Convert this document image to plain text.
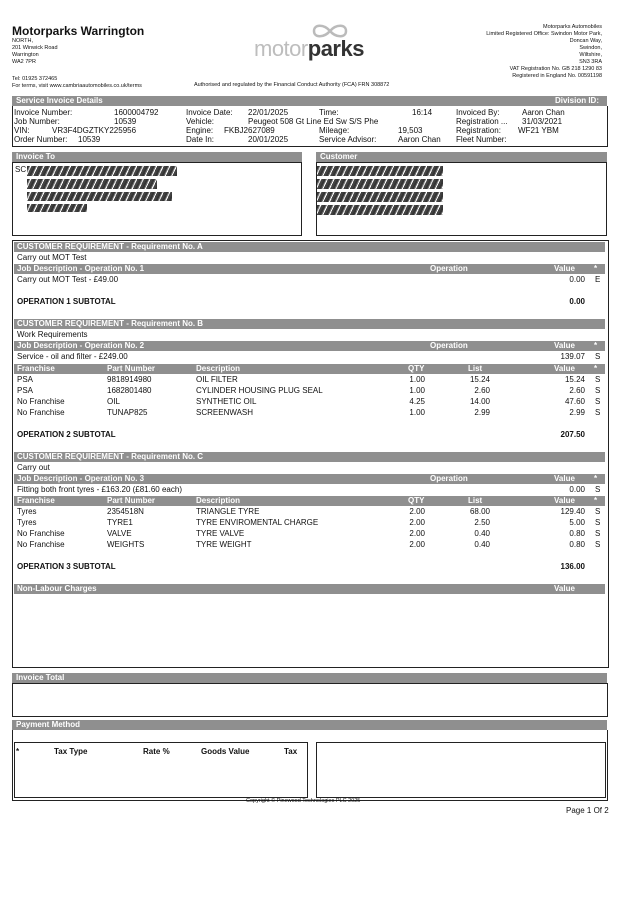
Motorparks Warrington
NORTH,
201 Winwick Road
Warrington
WA2 7PR
Tel: 01925 372465
For terms, visit www.cambriaautomobiles.co.uk/terms
motorparks
Authorised and regulated by the Financial Conduct Authority (FCA) FRN 308872
Motorparks Automobiles
Limited Registered Office: Swindon Motor Park,
Doncan Way,
Swindon,
Wiltshire,
SN3 3RA
VAT Registration No. GB 218 1290 83
Registered in England No. 00591198
Service Invoice Details	Division ID:
Invoice Number:	1600004792	Invoice Date: 22/01/2025	Time:	16:14	Invoiced By:	Aaron Chan
Job Number:	10539	Vehicle:	Peugeot 508 Gt Line Ed Sw S/S Phe	Registration ... 31/03/2021
VIN:	VR3F4DGZTKY225956	Engine: FKBJ2627089	Mileage:	19,503	Registration: WF21 YBM
Order Number: 10539	Date In:	20/01/2025	Service Advisor:	Aaron Chan Fleet Number:
Invoice To
SC
Customer
CUSTOMER REQUIREMENT - Requirement No. A
Carry out MOT Test
Job Description - Operation No. 1	Operation	Value *
Carry out MOT Test - £49.00	0.00 E
OPERATION 1 SUBTOTAL	0.00
CUSTOMER REQUIREMENT - Requirement No. B
Work Requirements
Job Description - Operation No. 2	Operation	Value *
Service - oil and filter - £249.00	139.07 S
Franchise	Part Number	Description	QTY	List	Value *
PSA	9818914980	OIL FILTER	1.00	15.24	15.24 S
PSA	1682801480	CYLINDER HOUSING PLUG SEAL	1.00	2.60	2.60 S
No Franchise	OIL	SYNTHETIC OIL	4.25	14.00	47.60 S
No Franchise	TUNAP825	SCREENWASH	1.00	2.99	2.99 S
OPERATION 2 SUBTOTAL	207.50
CUSTOMER REQUIREMENT - Requirement No. C
Carry out
Job Description - Operation No. 3	Operation	Value *
Fitting both front tyres - £163.20 (£81.60 each)	0.00 S
Franchise	Part Number	Description	QTY	List	Value *
Tyres	2354518N	TRIANGLE TYRE	2.00	68.00	129.40 S
Tyres	TYRE1	TYRE ENVIROMENTAL CHARGE	2.00	2.50	5.00 S
No Franchise	VALVE	TYRE VALVE	2.00	0.40	0.80 S
No Franchise	WEIGHTS	TYRE WEIGHT	2.00	0.40	0.80 S
OPERATION 3 SUBTOTAL	136.00
Non-Labour Charges	Value
Invoice Total
Payment Method
*	Tax Type	Rate %	Goods Value	Tax
Copyright © Pinewood Technologies PLC 2025
Page 1 Of 2
